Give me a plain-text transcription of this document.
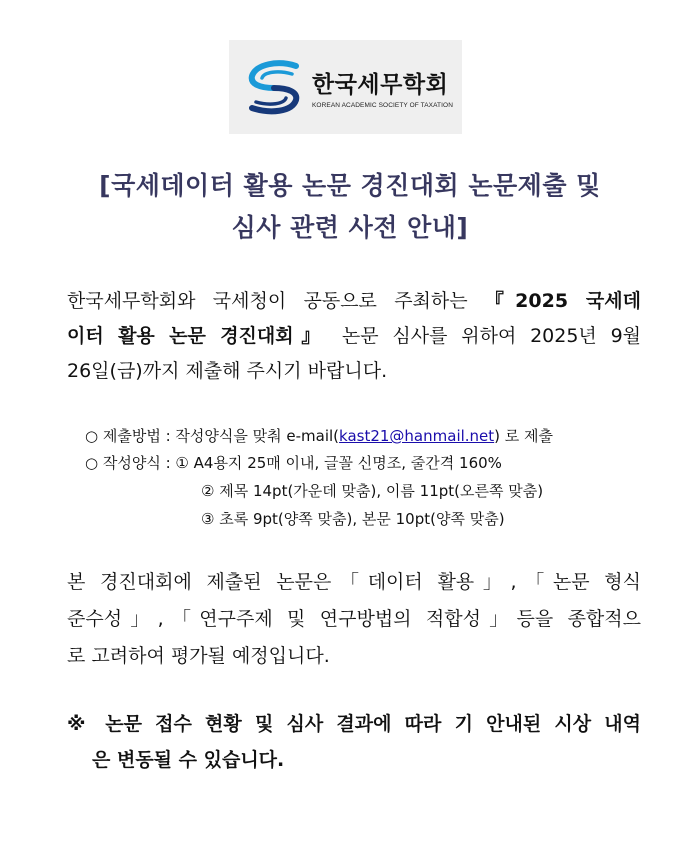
한국세무학회
KOREAN ACADEMIC SOCIETY OF TAXATION
[국세데이터 활용 논문 경진대회 논문제출 및
심사 관련 사전 안내]
한국세무학회와 국세청이 공동으로 주최하는 『2025 국세데
이터 활용 논문 경진대회』 논문 심사를 위하여 2025년 9월
26일(금)까지 제출해 주시기 바랍니다.
○ 제출방법 : 작성양식을 맞춰 e-mail(kast21@hanmail.net) 로 제출
○ 작성양식 : ① A4용지 25매 이내, 글꼴 신명조, 줄간격 160%
② 제목 14pt(가운데 맞춤), 이름 11pt(오른쪽 맞춤)
③ 초록 9pt(양쪽 맞춤), 본문 10pt(양쪽 맞춤)
본 경진대회에 제출된 논문은「데이터 활용」,「논문 형식
준수성」,「연구주제 및 연구방법의 적합성」등을 종합적으
로 고려하여 평가될 예정입니다.
※ 논문 접수 현황 및 심사 결과에 따라 기 안내된 시상 내역
은 변동될 수 있습니다.
